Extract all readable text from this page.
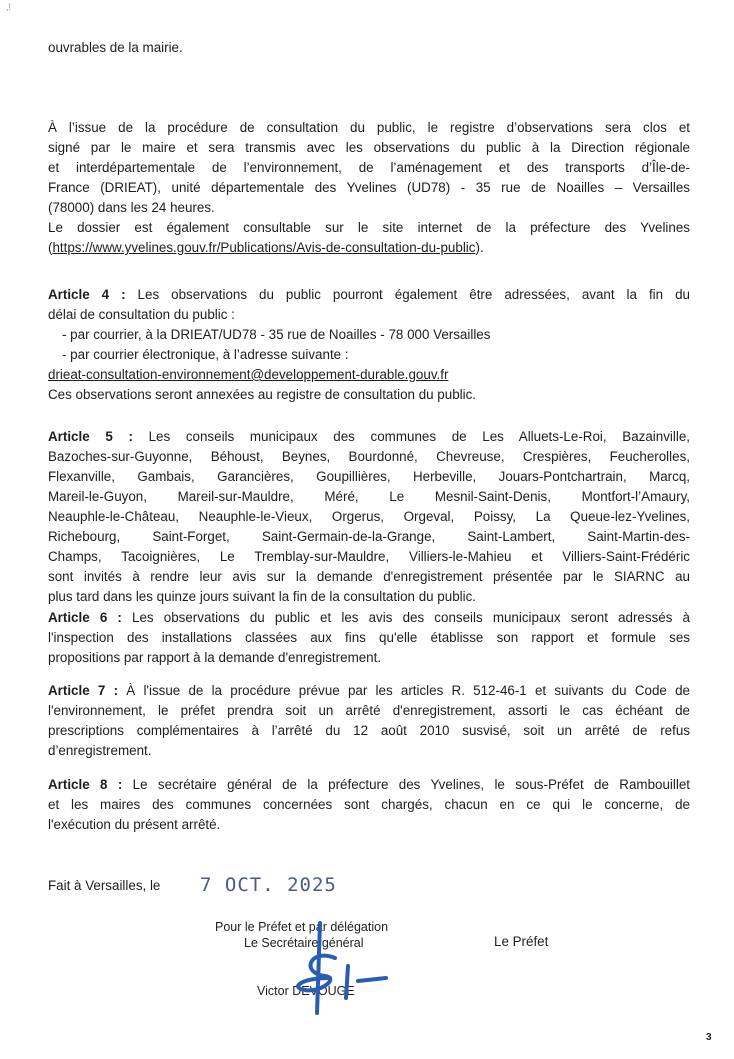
ouvrables de la mairie.
À l’issue de la procédure de consultation du public, le registre d’observations sera clos et
signé par le maire et sera transmis avec les observations du public à la Direction régionale
et interdépartementale de l’environnement, de l’aménagement et des transports d’Île-de-
France (DRIEAT), unité départementale des Yvelines (UD78) - 35 rue de Noailles – Versailles
(78000) dans les 24 heures.
Le dossier est également consultable sur le site internet de la préfecture des Yvelines
(https://www.yvelines.gouv.fr/Publications/Avis-de-consultation-du-public).
Article 4 : Les observations du public pourront également être adressées, avant la fin du
délai de consultation du public :
- par courrier, à la DRIEAT/UD78 - 35 rue de Noailles - 78 000 Versailles
- par courrier électronique, à l’adresse suivante :
drieat-consultation-environnement@developpement-durable.gouv.fr
Ces observations seront annexées au registre de consultation du public.
Article 5 : Les conseils municipaux des communes de Les Alluets-Le-Roi, Bazainville,
Bazoches-sur-Guyonne, Béhoust, Beynes, Bourdonné, Chevreuse, Crespières, Feucherolles,
Flexanville, Gambais, Garancières, Goupillières, Herbeville, Jouars-Pontchartrain, Marcq,
Mareil-le-Guyon, Mareil-sur-Mauldre, Méré, Le Mesnil-Saint-Denis, Montfort-l’Amaury,
Neauphle-le-Château, Neauphle-le-Vieux, Orgerus, Orgeval, Poissy, La Queue-lez-Yvelines,
Richebourg, Saint-Forget, Saint-Germain-de-la-Grange, Saint-Lambert, Saint-Martin-des-
Champs, Tacoignières, Le Tremblay-sur-Mauldre, Villiers-le-Mahieu et Villiers-Saint-Frédéric
sont invités à rendre leur avis sur la demande d'enregistrement présentée par le SIARNC au
plus tard dans les quinze jours suivant la fin de la consultation du public.
Article 6 : Les observations du public et les avis des conseils municipaux seront adressés à
l'inspection des installations classées aux fins qu'elle établisse son rapport et formule ses
propositions par rapport à la demande d'enregistrement.
Article 7 : À l'issue de la procédure prévue par les articles R. 512-46-1 et suivants du Code de
l'environnement, le préfet prendra soit un arrêté d'enregistrement, assorti le cas échéant de
prescriptions complémentaires à l’arrêté du 12 août 2010 susvisé, soit un arrêté de refus
d’enregistrement.
Article 8 : Le secrétaire général de la préfecture des Yvelines, le sous-Préfet de Rambouillet
et les maires des communes concernées sont chargés, chacun en ce qui le concerne, de
l'exécution du présent arrêté.
Fait à Versailles, le 7 OCT. 2025
Pour le Préfet et par délégation
Le Secrétaire général	Le Préfet
Victor DEVOUGE
3
,!
